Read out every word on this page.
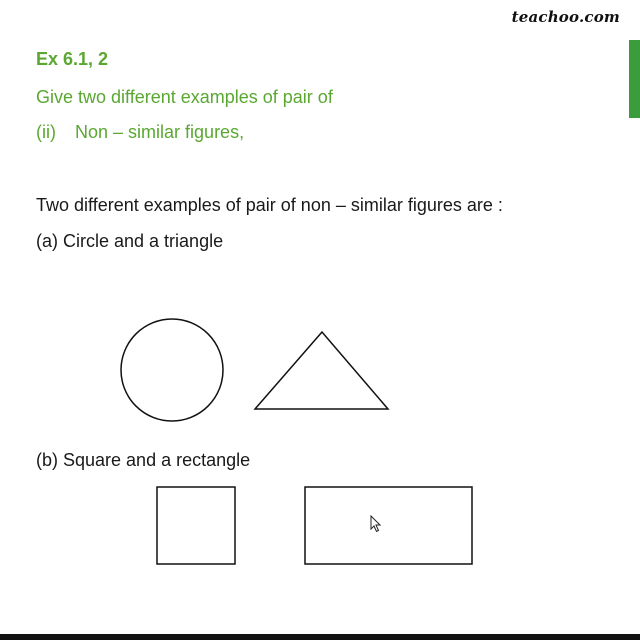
teachoo.com
Ex 6.1, 2
Give two different examples of pair of
(ii) Non – similar figures,
Two different examples of pair of non – similar figures are :
(a) Circle and a triangle
(b) Square and a rectangle
